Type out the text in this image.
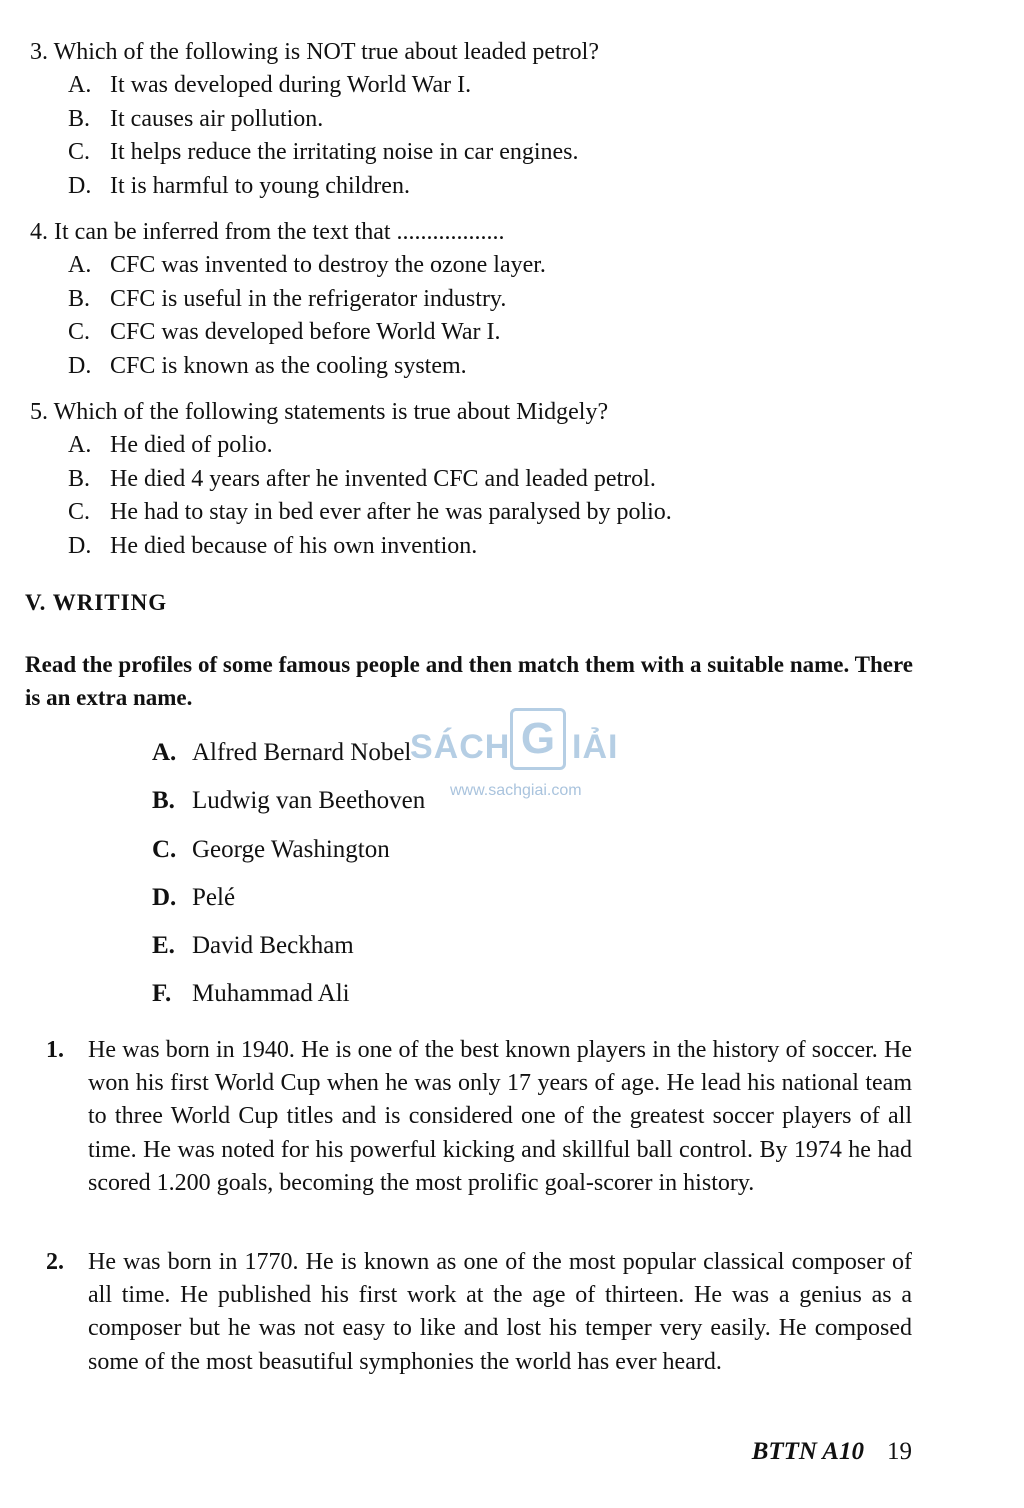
3. Which of the following is NOT true about leaded petrol?
A. It was developed during World War I.
B. It causes air pollution.
C. It helps reduce the irritating noise in car engines.
D. It is harmful to young children.
4. It can be inferred from the text that ..................
A. CFC was invented to destroy the ozone layer.
B. CFC is useful in the refrigerator industry.
C. CFC was developed before World War I.
D. CFC is known as the cooling system.
5. Which of the following statements is true about Midgely?
A. He died of polio.
B. He died 4 years after he invented CFC and leaded petrol.
C. He had to stay in bed ever after he was paralysed by polio.
D. He died because of his own invention.
V. WRITING
Read the profiles of some famous people and then match them with a suitable name. There is an extra name.
A. Alfred Bernard Nobel
B. Ludwig van Beethoven
C. George Washington
D. Pelé
E. David Beckham
F. Muhammad Ali
SÁCH G IẢI
www.sachgiai.com
1. He was born in 1940. He is one of the best known players in the history of soccer. He won his first World Cup when he was only 17 years of age. He lead his national team to three World Cup titles and is considered one of the greatest soccer players of all time. He was noted for his powerful kicking and skillful ball control. By 1974 he had scored 1.200 goals, becoming the most prolific goal-scorer in history.
2. He was born in 1770. He is known as one of the most popular classical composer of all time. He published his first work at the age of thirteen. He was a genius as a composer but he was not easy to like and lost his temper very easily. He composed some of the most beasutiful symphonies the world has ever heard.
BTTN A10 19
